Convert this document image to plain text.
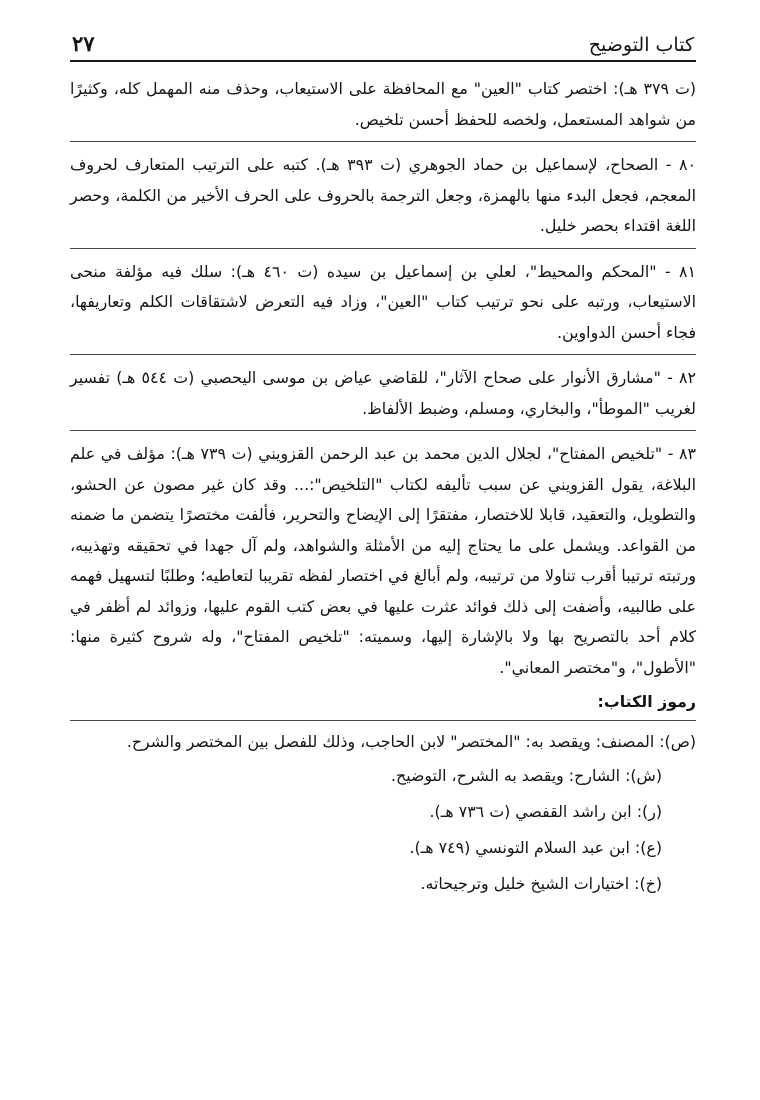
كتاب التوضيح
٢٧

(ت ٣٧٩ هـ): اختصر كتاب "العين" مع المحافظة على الاستيعاب، وحذف منه المهمل كله، وكثيرًا من شواهد المستعمل، ولخصه للحفظ أحسن تلخيص.

٨٠ - الصحاح، لإسماعيل بن حماد الجوهري (ت ٣٩٣ هـ). كتبه على الترتيب المتعارف لحروف المعجم، فجعل البدء منها بالهمزة، وجعل الترجمة بالحروف على الحرف الأخير من الكلمة، وحصر اللغة اقتداء بحصر خليل.

٨١ - "المحكم والمحيط"، لعلي بن إسماعيل بن سيده (ت ٤٦٠ هـ): سلك فيه مؤلفة منحى الاستيعاب، ورتبه على نحو ترتيب كتاب "العين"، وزاد فيه التعرض لاشتقاقات الكلم وتعاريفها، فجاء أحسن الدواوين.

٨٢ - "مشارق الأنوار على صحاح الآثار"، للقاضي عياض بن موسى اليحصبي (ت ٥٤٤ هـ) تفسير لغريب "الموطأ"، والبخاري، ومسلم، وضبط الألفاظ.

٨٣ - "تلخيص المفتاح"، لجلال الدين محمد بن عبد الرحمن القزويني (ت ٧٣٩ هـ): مؤلف في علم البلاغة، يقول القزويني عن سبب تأليفه لكتاب "التلخيص":... وقد كان غير مصون عن الحشو، والتطويل، والتعقيد، قابلا للاختصار، مفتقرًا إلى الإيضاح والتحرير، فألفت مختصرًا يتضمن ما ضمنه من القواعد. ويشمل على ما يحتاج إليه من الأمثلة والشواهد، ولم آل جهدا في تحقيقه وتهذيبه، ورتبته ترتيبا أقرب تناولا من ترتيبه، ولم أبالغ في اختصار لفظه تقريبا لتعاطيه؛ وطلبًا لتسهيل فهمه على طالبيه، وأضفت إلى ذلك فوائد عثرت عليها في بعض كتب القوم عليها، وزوائد لم أظفر في كلام أحد بالتصريح بها ولا بالإشارة إليها، وسميته: "تلخيص المفتاح"، وله شروح كثيرة منها: "الأطول"، و"مختصر المعاني".

رموز الكتاب:

(ص): المصنف: ويقصد به: "المختصر" لابن الحاجب، وذلك للفصل بين المختصر والشرح.

(ش): الشارح: ويقصد به الشرح، التوضيح.
(ر): ابن راشد القفصي (ت ٧٣٦ هـ).
(ع): ابن عبد السلام التونسي (٧٤٩ هـ).
(خ): اختيارات الشيخ خليل وترجيحاته.
